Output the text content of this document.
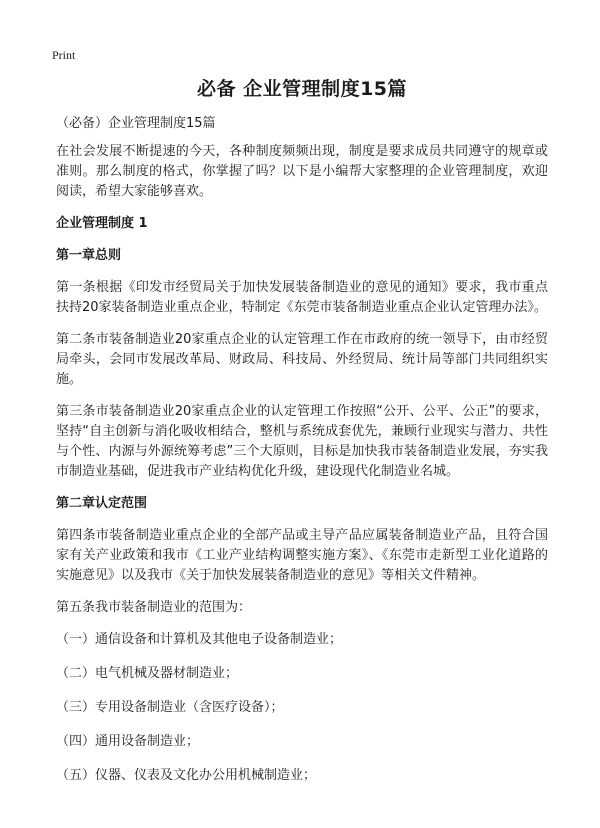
Print
必备 企业管理制度15篇
（必备）企业管理制度15篇

在社会发展不断提速的今天，各种制度频频出现，制度是要求成员共同遵守的规章或准则。那么制度的格式，你掌握了吗？以下是小编帮大家整理的企业管理制度，欢迎阅读，希望大家能够喜欢。

企业管理制度 1
第一章总则

第一条根据《印发市经贸局关于加快发展装备制造业的意见的通知》要求，我市重点扶持20家装备制造业重点企业，特制定《东莞市装备制造业重点企业认定管理办法》。

第二条市装备制造业20家重点企业的认定管理工作在市政府的统一领导下，由市经贸局牵头，会同市发展改革局、财政局、科技局、外经贸局、统计局等部门共同组织实施。

第三条市装备制造业20家重点企业的认定管理工作按照“公开、公平、公正”的要求，坚持“自主创新与消化吸收相结合，整机与系统成套优先，兼顾行业现实与潜力、共性与个性、内源与外源统筹考虑”三个大原则，目标是加快我市装备制造业发展，夯实我市制造业基础，促进我市产业结构优化升级，建设现代化制造业名城。

第二章认定范围

第四条市装备制造业重点企业的全部产品或主导产品应属装备制造业产品，且符合国家有关产业政策和我市《工业产业结构调整实施方案》、《东莞市走新型工业化道路的实施意见》以及我市《关于加快发展装备制造业的意见》等相关文件精神。

第五条我市装备制造业的范围为：

（一）通信设备和计算机及其他电子设备制造业；
（二）电气机械及器材制造业；
（三）专用设备制造业（含医疗设备）；
（四）通用设备制造业；
（五）仪器、仪表及文化办公用机械制造业；
